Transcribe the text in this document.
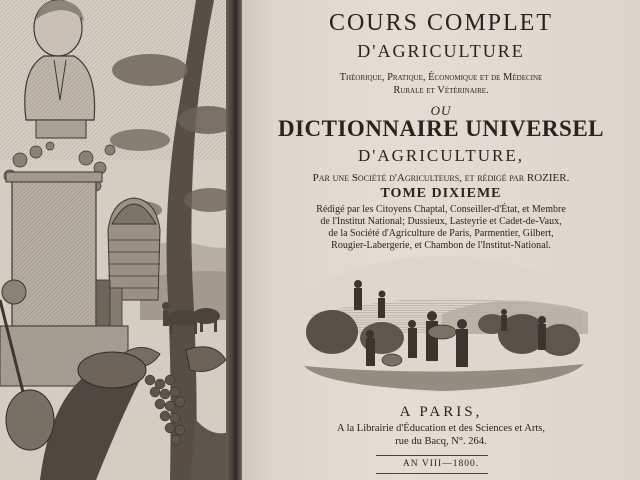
COURS COMPLET
D'AGRICULTURE
Théorique, Pratique, Économique et de Médecine
Rurale et Vétérinaire.
OU
DICTIONNAIRE UNIVERSEL
D'AGRICULTURE,
Par une Société d'Agriculteurs, et rédigé par ROZIER.
TOME DIXIEME
Rédigé par les Citoyens Chaptal, Conseiller-d'État, et Membre
de l'Institut National; Dussieux, Lasteyrie et Cadet-de-Vaux,
de la Société d'Agriculture de Paris, Parmentier, Gilbert,
Rougier-Labergerie, et Chambon de l'Institut-National.
A PARIS,
A la Librairie d'Éducation et des Sciences et Arts,
rue du Bacq, N°. 264.
AN VIII—1800.
